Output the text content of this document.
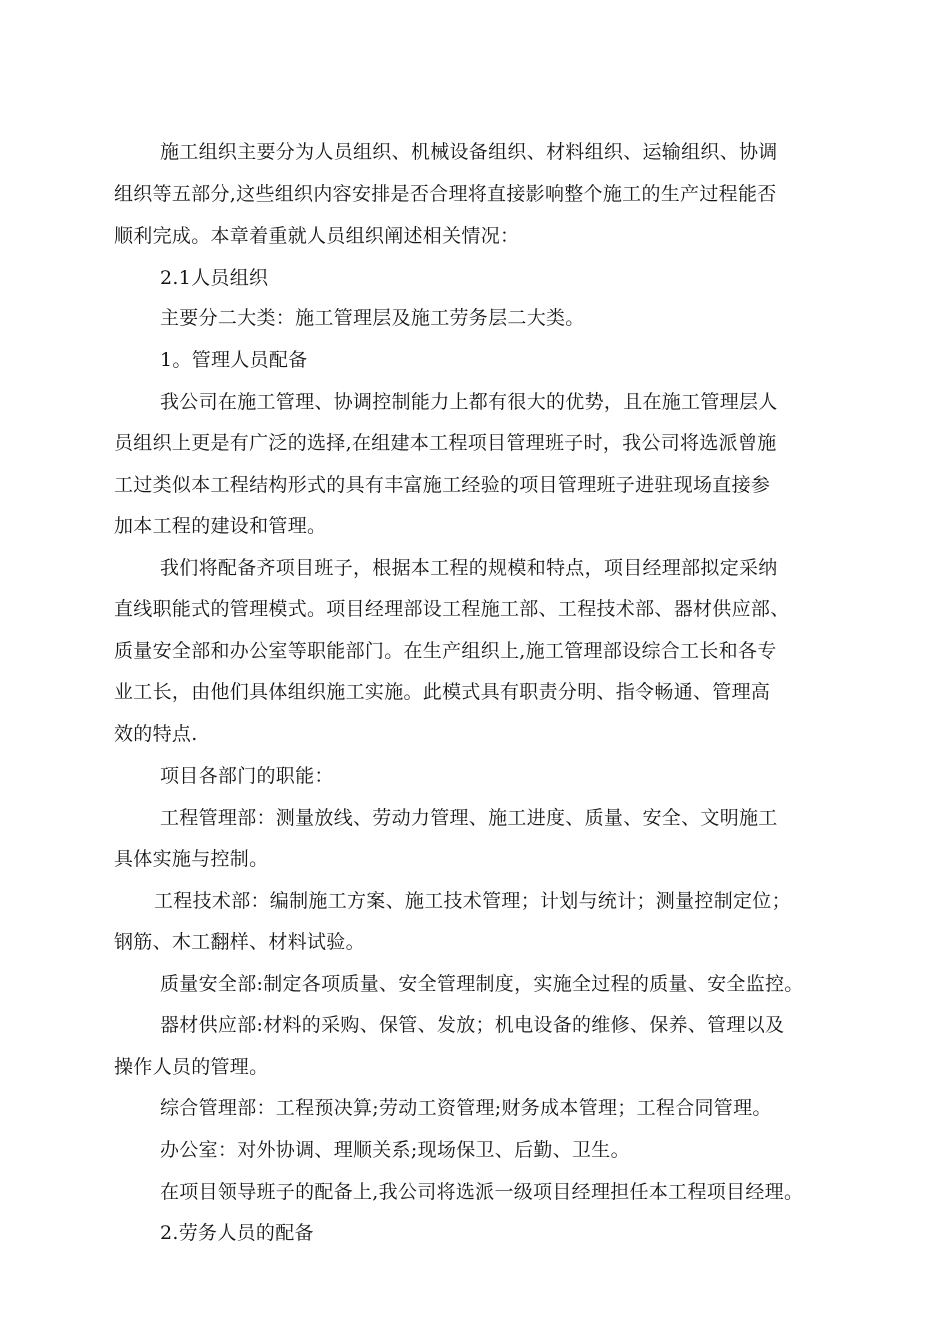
施工组织主要分为人员组织、机械设备组织、材料组织、运输组织、协调
组织等五部分,这些组织内容安排是否合理将直接影响整个施工的生产过程能否
顺利完成。本章着重就人员组织阐述相关情况：
2.1人员组织
主要分二大类：施工管理层及施工劳务层二大类。
1。管理人员配备
我公司在施工管理、协调控制能力上都有很大的优势，且在施工管理层人
员组织上更是有广泛的选择,在组建本工程项目管理班子时，我公司将选派曾施
工过类似本工程结构形式的具有丰富施工经验的项目管理班子进驻现场直接参
加本工程的建设和管理。
我们将配备齐项目班子，根据本工程的规模和特点，项目经理部拟定采纳
直线职能式的管理模式。项目经理部设工程施工部、工程技术部、器材供应部、
质量安全部和办公室等职能部门。在生产组织上,施工管理部设综合工长和各专
业工长，由他们具体组织施工实施。此模式具有职责分明、指令畅通、管理高
效的特点.
项目各部门的职能：
工程管理部：测量放线、劳动力管理、施工进度、质量、安全、文明施工
具体实施与控制。
工程技术部：编制施工方案、施工技术管理；计划与统计；测量控制定位；
钢筋、木工翻样、材料试验。
质量安全部:制定各项质量、安全管理制度，实施全过程的质量、安全监控。
器材供应部:材料的采购、保管、发放；机电设备的维修、保养、管理以及
操作人员的管理。
综合管理部：工程预决算;劳动工资管理;财务成本管理；工程合同管理。
办公室：对外协调、理顺关系;现场保卫、后勤、卫生。
在项目领导班子的配备上,我公司将选派一级项目经理担任本工程项目经理。
2.劳务人员的配备
